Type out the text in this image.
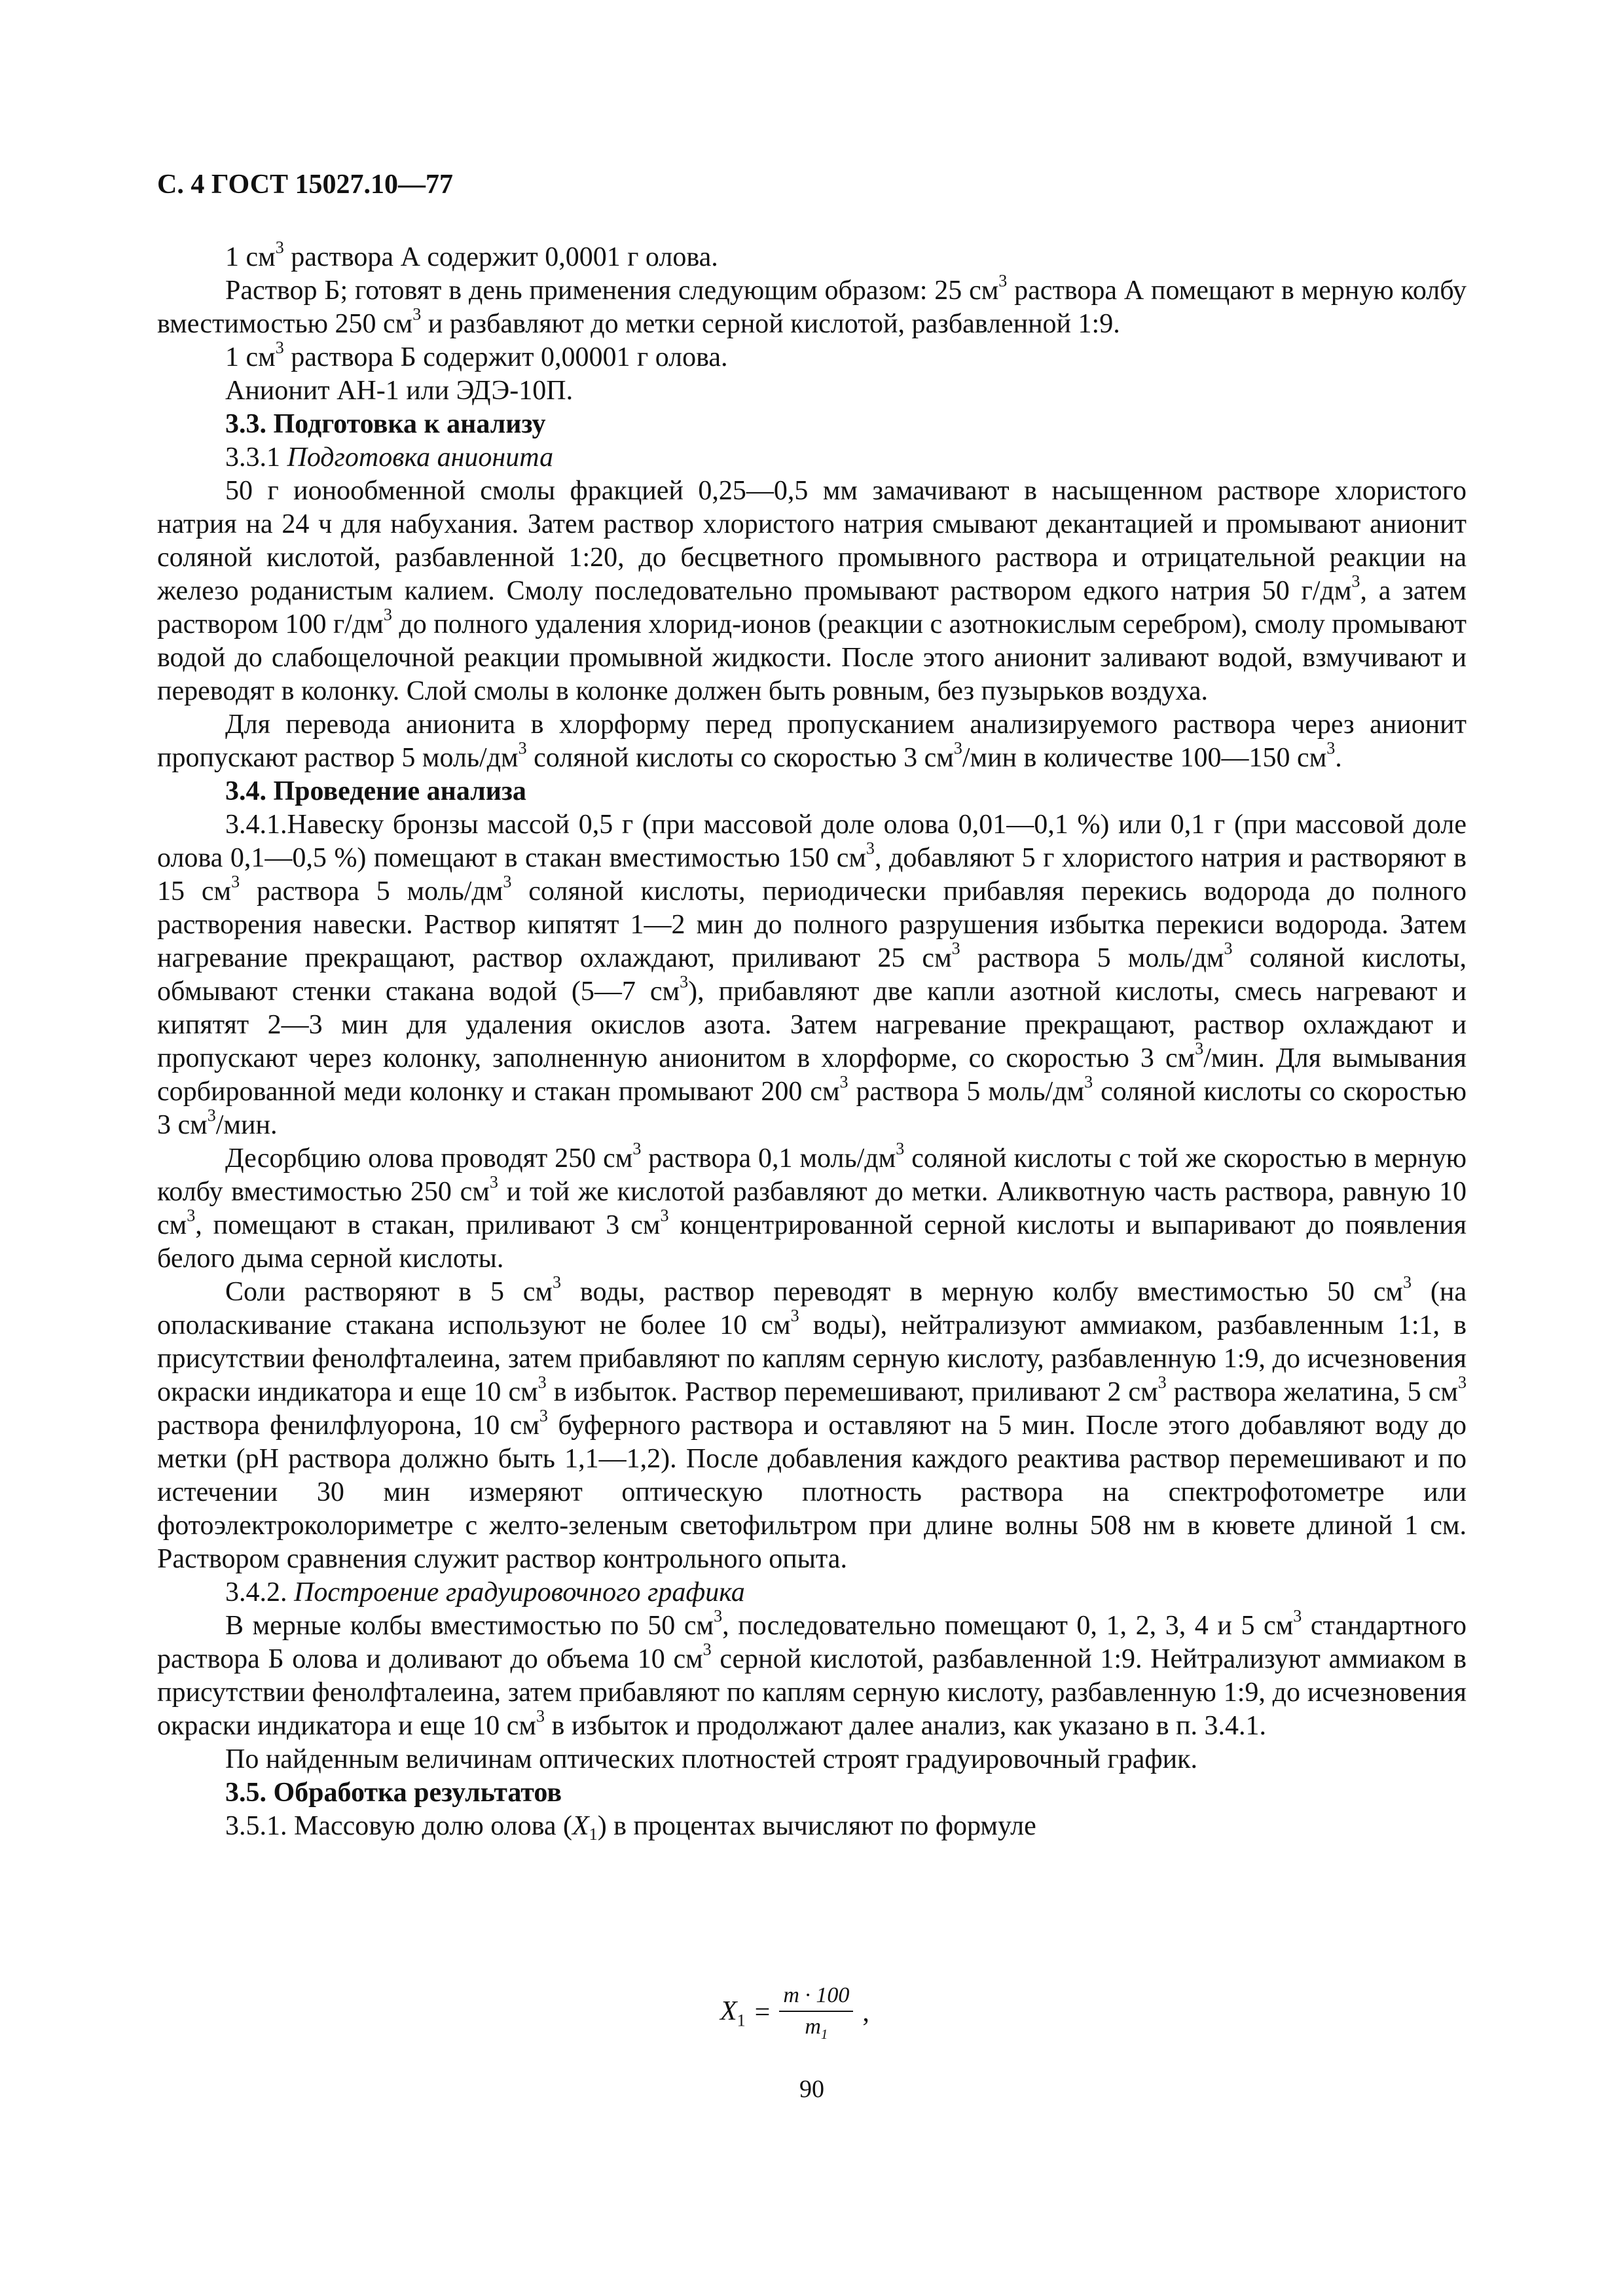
С. 4 ГОСТ 15027.10—77

1 $см^3$ раствора А содержит 0,0001 г олова.

Раствор Б; готовят в день применения следующим образом: 25 $см^3$ раствора А помещают в мерную колбу вместимостью 250 $см^3$ и разбавляют до метки серной кислотой, разбавленной 1:9.

1 $см^3$ раствора Б содержит 0,00001 г олова.

Анионит АН-1 или ЭДЭ-10П.

3.3. Подготовка к анализу
3.3.1 Подготовка анионита

50 г ионообменной смолы фракцией 0,25—0,5 мм замачивают в насыщенном растворе хлористого натрия на 24 ч для набухания. Затем раствор хлористого натрия смывают декантацией и промывают анионит соляной кислотой, разбавленной 1:20, до бесцветного промывного раствора и отрицательной реакции на железо роданистым калием. Смолу последовательно промывают раствором едкого натрия 50 $г/дм^3$, а затем раствором 100 $г/дм^3$ до полного удаления хлорид-ионов (реакции с азотнокислым серебром), смолу промывают водой до слабощелочной реакции промывной жидкости. После этого анионит заливают водой, взмучивают и переводят в колонку. Слой смолы в колонке должен быть ровным, без пузырьков воздуха.

Для перевода анионита в хлорформу перед пропусканием анализируемого раствора через анионит пропускают раствор 5 моль/$дм^3$ соляной кислоты со скоростью 3 $см^3$/мин в количестве 100—150 $см^3$.

3.4. Проведение анализа

3.4.1.Навеску бронзы массой 0,5 г (при массовой доле олова 0,01—0,1 %) или 0,1 г (при массовой доле олова 0,1—0,5 %) помещают в стакан вместимостью 150 $см^3$, добавляют 5 г хлористого натрия и растворяют в 15 $см^3$ раствора 5 моль/$дм^3$ соляной кислоты, периодически прибавляя перекись водорода до полного растворения навески. Раствор кипятят 1—2 мин до полного разрушения избытка перекиси водорода. Затем нагревание прекращают, раствор охлаждают, приливают 25 $см^3$ раствора 5 моль/$дм^3$ соляной кислоты, обмывают стенки стакана водой (5—7 $см^3$), прибавляют две капли азотной кислоты, смесь нагревают и кипятят 2—3 мин для удаления окислов азота. Затем нагревание прекращают, раствор охлаждают и пропускают через колонку, заполненную анионитом в хлорформе, со скоростью 3 $см^3$/мин. Для вымывания сорбированной меди колонку и стакан промывают 200 $см^3$ раствора 5 моль/$дм^3$ соляной кислоты со скоростью 3 $см^3$/мин.

Десорбцию олова проводят 250 $см^3$ раствора 0,1 моль/$дм^3$ соляной кислоты с той же скоростью в мерную колбу вместимостью 250 $см^3$ и той же кислотой разбавляют до метки. Аликвотную часть раствора, равную 10 $см^3$, помещают в стакан, приливают 3 $см^3$ концентрированной серной кислоты и выпаривают до появления белого дыма серной кислоты.

Соли растворяют в 5 $см^3$ воды, раствор переводят в мерную колбу вместимостью 50 $см^3$ (на ополаскивание стакана используют не более 10 $см^3$ воды), нейтрализуют аммиаком, разбавленным 1:1, в присутствии фенолфталеина, затем прибавляют по каплям серную кислоту, разбавленную 1:9, до исчезновения окраски индикатора и еще 10 $см^3$ в избыток. Раствор перемешивают, приливают 2 $см^3$ раствора желатина, 5 $см^3$ раствора фенилфлуорона, 10 $см^3$ буферного раствора и оставляют на 5 мин. После этого добавляют воду до метки (рН раствора должно быть 1,1—1,2). После добавления каждого реактива раствор перемешивают и по истечении 30 мин измеряют оптическую плотность раствора на спектрофотометре или фотоэлектроколориметре с желто-зеленым светофильтром при длине волны 508 нм в кювете длиной 1 см. Раствором сравнения служит раствор контрольного опыта.

3.4.2. Построение градуировочного графика

В мерные колбы вместимостью по 50 $см^3$, последовательно помещают 0, 1, 2, 3, 4 и 5 $см^3$ стандартного раствора Б олова и доливают до объема 10 $см^3$ серной кислотой, разбавленной 1:9. Нейтрализуют аммиаком в присутствии фенолфталеина, затем прибавляют по каплям серную кислоту, разбавленную 1:9, до исчезновения окраски индикатора и еще 10 $см^3$ в избыток и продолжают далее анализ, как указано в п. 3.4.1.

По найденным величинам оптических плотностей строят градуировочный график.

3.5. Обработка результатов

3.5.1. Массовую долю олова $(X_1)$ в процентах вычисляют по формуле

$X_1 = \frac{m \cdot 100}{m_1}$ ,
90
